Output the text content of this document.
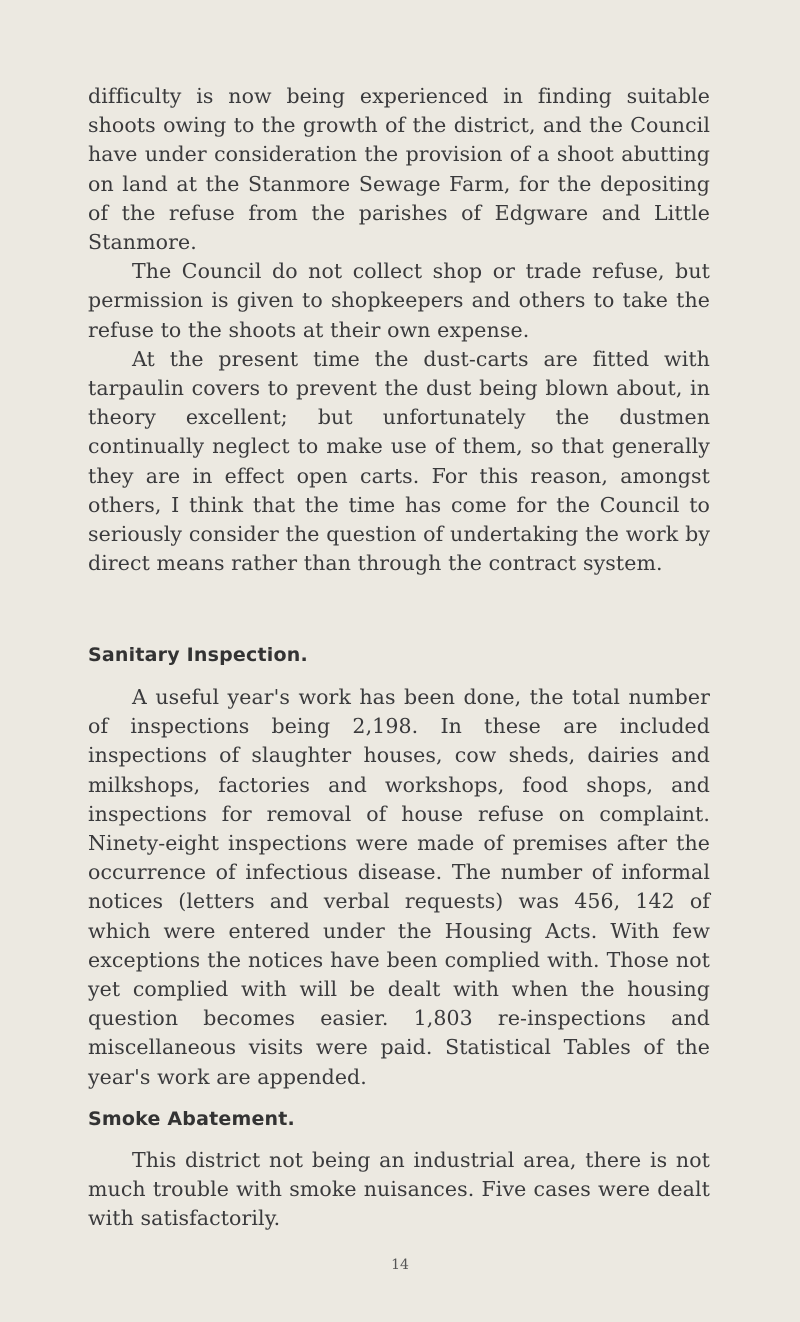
difficulty is now being experienced in finding suitable shoots owing to the growth of the district, and the Council have under consideration the provision of a shoot abutting on land at the Stanmore Sewage Farm, for the depositing of the refuse from the parishes of Edgware and Little Stanmore.

The Council do not collect shop or trade refuse, but permission is given to shopkeepers and others to take the refuse to the shoots at their own expense.

At the present time the dust-carts are fitted with tarpaulin covers to prevent the dust being blown about, in theory excellent; but unfortunately the dustmen continually neglect to make use of them, so that generally they are in effect open carts. For this reason, amongst others, I think that the time has come for the Council to seriously consider the question of undertaking the work by direct means rather than through the contract system.

Sanitary Inspection.

A useful year's work has been done, the total number of inspections being 2,198. In these are included inspections of slaughter houses, cow sheds, dairies and milkshops, factories and workshops, food shops, and inspections for removal of house refuse on complaint. Ninety-eight inspections were made of premises after the occurrence of infectious disease. The number of informal notices (letters and verbal requests) was 456, 142 of which were entered under the Housing Acts. With few exceptions the notices have been complied with. Those not yet complied with will be dealt with when the housing question becomes easier. 1,803 re-inspections and miscellaneous visits were paid. Statistical Tables of the year's work are appended.

Smoke Abatement.

This district not being an industrial area, there is not much trouble with smoke nuisances. Five cases were dealt with satisfactorily.

14
